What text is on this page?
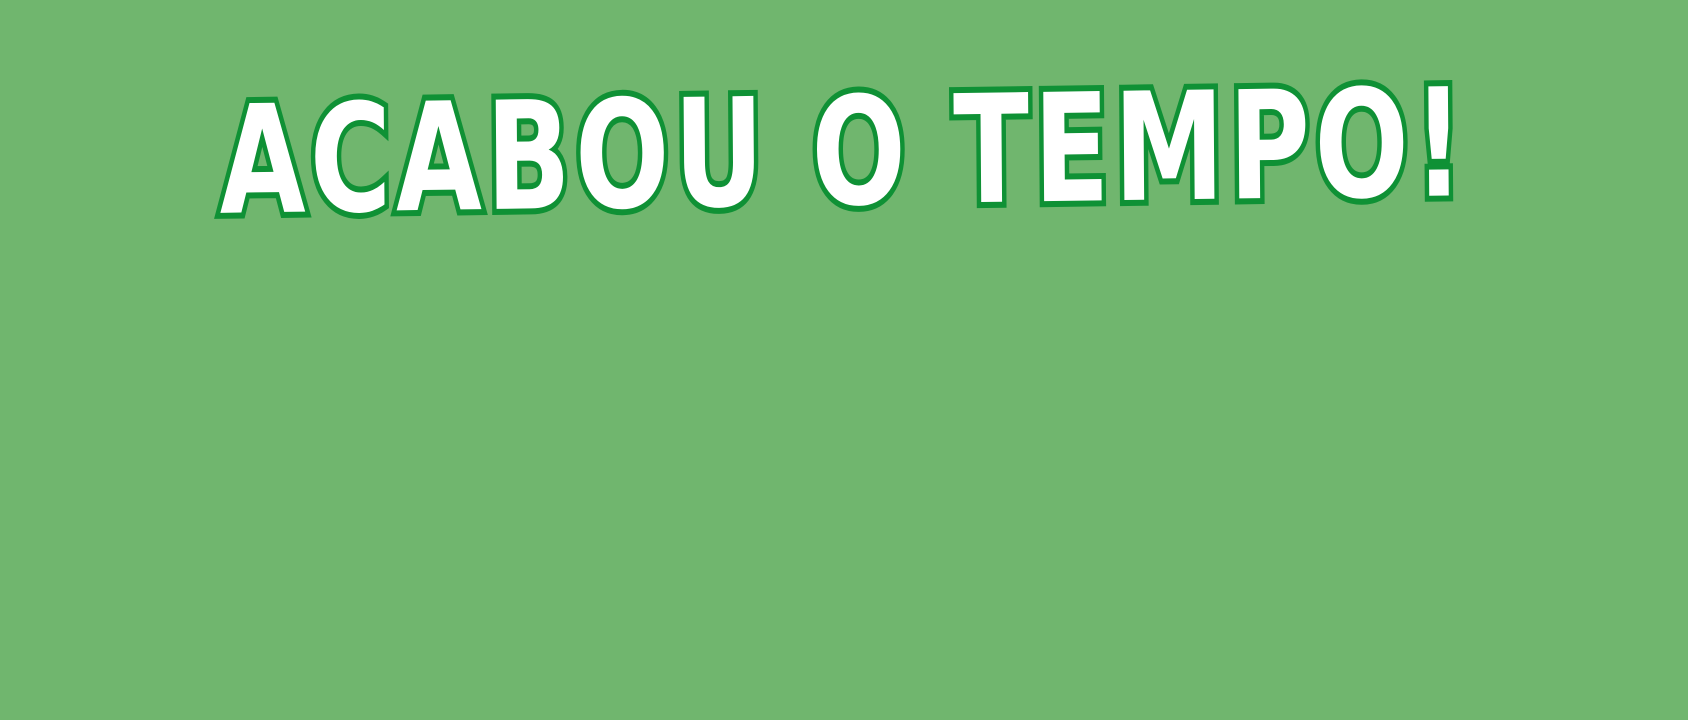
ACABOU O TEMPO!
